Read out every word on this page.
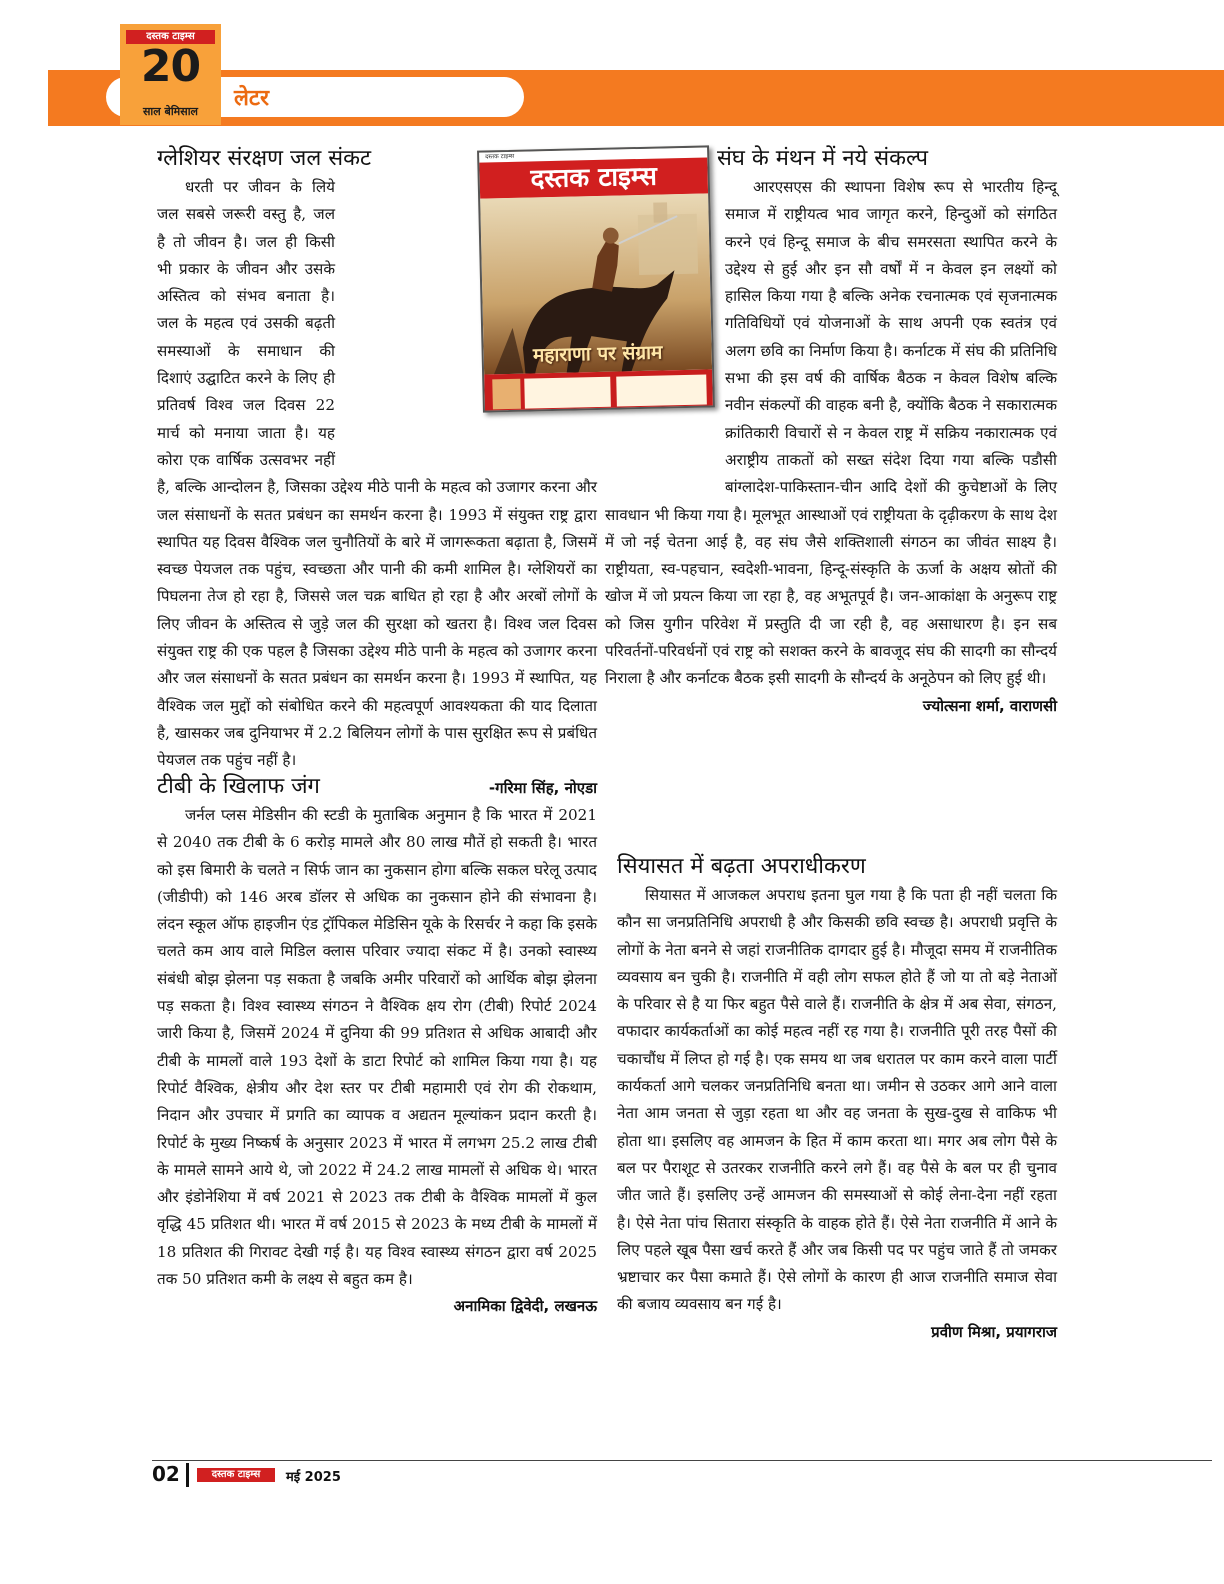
लेटर
दस्तक टाइम्स
20
साल बेमिसाल
दस्तक टाइम्स
दस्तक टाइम्स
महाराणा पर संग्राम
ग्लेशियर संरक्षण जल संकट

धरती पर जीवन के लिये जल सबसे जरूरी वस्तु है, जल है तो जीवन है। जल ही किसी भी प्रकार के जीवन और उसके अस्तित्व को संभव बनाता है। जल के महत्व एवं उसकी बढ़ती समस्याओं के समाधान की दिशाएं उद्घाटित करने के लिए ही प्रतिवर्ष विश्व जल दिवस 22 मार्च को मनाया जाता है। यह कोरा एक वार्षिक उत्सवभर नहीं है, बल्कि आन्दोलन है, जिसका उद्देश्य मीठे पानी के महत्व को उजागर करना और जल संसाधनों के सतत प्रबंधन का समर्थन करना है। 1993 में संयुक्त राष्ट्र द्वारा स्थापित यह दिवस वैश्विक जल चुनौतियों के बारे में जागरूकता बढ़ाता है, जिसमें स्वच्छ पेयजल तक पहुंच, स्वच्छता और पानी की कमी शामिल है। ग्लेशियरों का पिघलना तेज हो रहा है, जिससे जल चक्र बाधित हो रहा है और अरबों लोगों के लिए जीवन के अस्तित्व से जुड़े जल की सुरक्षा को खतरा है। विश्व जल दिवस संयुक्त राष्ट्र की एक पहल है जिसका उद्देश्य मीठे पानी के महत्व को उजागर करना और जल संसाधनों के सतत प्रबंधन का समर्थन करना है। 1993 में स्थापित, यह वैश्विक जल मुद्दों को संबोधित करने की महत्वपूर्ण आवश्यकता की याद दिलाता है, खासकर जब दुनियाभर में 2.2 बिलियन लोगों के पास सुरक्षित रूप से प्रबंधित पेयजल तक पहुंच नहीं है।

-गरिमा सिंह, नोएडा
टीबी के खिलाफ जंग

जर्नल प्लस मेडिसीन की स्टडी के मुताबिक अनुमान है कि भारत में 2021 से 2040 तक टीबी के 6 करोड़ मामले और 80 लाख मौतें हो सकती है। भारत को इस बिमारी के चलते न सिर्फ जान का नुकसान होगा बल्कि सकल घरेलू उत्पाद (जीडीपी) को 146 अरब डॉलर से अधिक का नुकसान होने की संभावना है। लंदन स्कूल ऑफ हाइजीन एंड ट्रॉपिकल मेडिसिन यूके के रिसर्चर ने कहा कि इसके चलते कम आय वाले मिडिल क्लास परिवार ज्यादा संकट में है। उनको स्वास्थ्य संबंधी बोझ झेलना पड़ सकता है जबकि अमीर परिवारों को आर्थिक बोझ झेलना पड़ सकता है। विश्व स्वास्थ्य संगठन ने वैश्विक क्षय रोग (टीबी) रिपोर्ट 2024 जारी किया है, जिसमें 2024 में दुनिया की 99 प्रतिशत से अधिक आबादी और टीबी के मामलों वाले 193 देशों के डाटा रिपोर्ट को शामिल किया गया है। यह रिपोर्ट वैश्विक, क्षेत्रीय और देश स्तर पर टीबी महामारी एवं रोग की रोकथाम, निदान और उपचार में प्रगति का व्यापक व अद्यतन मूल्यांकन प्रदान करती है। रिपोर्ट के मुख्य निष्कर्ष के अनुसार 2023 में भारत में लगभग 25.2 लाख टीबी के मामले सामने आये थे, जो 2022 में 24.2 लाख मामलों से अधिक थे। भारत और इंडोनेशिया में वर्ष 2021 से 2023 तक टीबी के वैश्विक मामलों में कुल वृद्धि 45 प्रतिशत थी। भारत में वर्ष 2015 से 2023 के मध्य टीबी के मामलों में 18 प्रतिशत की गिरावट देखी गई है। यह विश्व स्वास्थ्य संगठन द्वारा वर्ष 2025 तक 50 प्रतिशत कमी के लक्ष्य से बहुत कम है।

अनामिका द्विवेदी, लखनऊ
संघ के मंथन में नये संकल्प

आरएसएस की स्थापना विशेष रूप से भारतीय हिन्दू समाज में राष्ट्रीयत्व भाव जागृत करने, हिन्दुओं को संगठित करने एवं हिन्दू समाज के बीच समरसता स्थापित करने के उद्देश्य से हुई और इन सौ वर्षों में न केवल इन लक्ष्यों को हासिल किया गया है बल्कि अनेक रचनात्मक एवं सृजनात्मक गतिविधियों एवं योजनाओं के साथ अपनी एक स्वतंत्र एवं अलग छवि का निर्माण किया है। कर्नाटक में संघ की प्रतिनिधि सभा की इस वर्ष की वार्षिक बैठक न केवल विशेष बल्कि नवीन संकल्पों की वाहक बनी है, क्योंकि बैठक ने सकारात्मक क्रांतिकारी विचारों से न केवल राष्ट्र में सक्रिय नकारात्मक एवं अराष्ट्रीय ताकतों को सख्त संदेश दिया गया बल्कि पडौसी बांग्लादेश-पाकिस्तान-चीन आदि देशों की कुचेष्टाओं के लिए सावधान भी किया गया है। मूलभूत आस्थाओं एवं राष्ट्रीयता के दृढ़ीकरण के साथ देश में जो नई चेतना आई है, वह संघ जैसे शक्तिशाली संगठन का जीवंत साक्ष्य है। राष्ट्रीयता, स्व-पहचान, स्वदेशी-भावना, हिन्दू-संस्कृति के ऊर्जा के अक्षय स्रोतों की खोज में जो प्रयत्न किया जा रहा है, वह अभूतपूर्व है। जन-आकांक्षा के अनुरूप राष्ट्र को जिस युगीन परिवेश में प्रस्तुति दी जा रही है, वह असाधारण है। इन सब परिवर्तनों-परिवर्धनों एवं राष्ट्र को सशक्त करने के बावजूद संघ की सादगी का सौन्दर्य निराला है और कर्नाटक बैठक इसी सादगी के सौन्दर्य के अनूठेपन को लिए हुई थी।

ज्योत्सना शर्मा, वाराणसी
सियासत में बढ़ता अपराधीकरण

सियासत में आजकल अपराध इतना घुल गया है कि पता ही नहीं चलता कि कौन सा जनप्रतिनिधि अपराधी है और किसकी छवि स्वच्छ है। अपराधी प्रवृत्ति के लोगों के नेता बनने से जहां राजनीतिक दागदार हुई है। मौजूदा समय में राजनीतिक व्यवसाय बन चुकी है। राजनीति में वही लोग सफल होते हैं जो या तो बड़े नेताओं के परिवार से है या फिर बहुत पैसे वाले हैं। राजनीति के क्षेत्र में अब सेवा, संगठन, वफादार कार्यकर्ताओं का कोई महत्व नहीं रह गया है। राजनीति पूरी तरह पैसों की चकाचौंध में लिप्त हो गई है। एक समय था जब धरातल पर काम करने वाला पार्टी कार्यकर्ता आगे चलकर जनप्रतिनिधि बनता था। जमीन से उठकर आगे आने वाला नेता आम जनता से जुड़ा रहता था और वह जनता के सुख-दुख से वाकिफ भी होता था। इसलिए वह आमजन के हित में काम करता था। मगर अब लोग पैसे के बल पर पैराशूट से उतरकर राजनीति करने लगे हैं। वह पैसे के बल पर ही चुनाव जीत जाते हैं। इसलिए उन्हें आमजन की समस्याओं से कोई लेना-देना नहीं रहता है। ऐसे नेता पांच सितारा संस्कृति के वाहक होते हैं। ऐसे नेता राजनीति में आने के लिए पहले खूब पैसा खर्च करते हैं और जब किसी पद पर पहुंच जाते हैं तो जमकर भ्रष्टाचार कर पैसा कमाते हैं। ऐसे लोगों के कारण ही आज राजनीति समाज सेवा की बजाय व्यवसाय बन गई है।

प्रवीण मिश्रा, प्रयागराज
02	दस्तक टाइम्स	मई 2025
